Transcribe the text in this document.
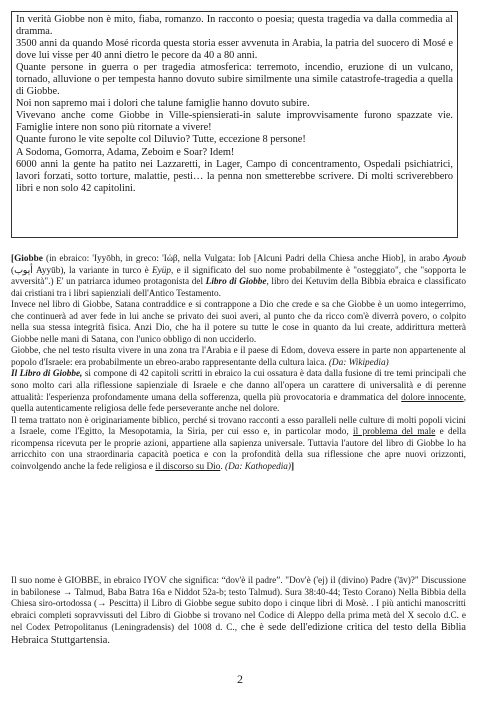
In verità Giobbe non è mito, fiaba, romanzo. In racconto o poesia; questa tragedia va dalla commedia al dramma.

3500 anni da quando Mosé ricorda questa storia esser avvenuta in Arabia, la patria del suocero di Mosé e dove lui visse per 40 anni dietro le pecore da 40 a 80 anni.

Quante persone in guerra o per tragedia atmosferica: terremoto, incendio, eruzione di un vulcano, tornado, alluvione o per tempesta hanno dovuto subire similmente una simile catastrofe-tragedia a quella di Giobbe.

Noi non sapremo mai i dolori che talune famiglie hanno dovuto subire.

Vivevano anche come Giobbe in Ville-spiensierati-in salute improvvisamente furono spazzate vie. Famiglie intere non sono più ritornate a vivere!

Quante furono le vite sepolte col Diluvio? Tutte, eccezione 8 persone!

A Sodoma, Gomorra, Adama, Zeboim e Soar? Idem!

6000 anni la gente ha patito nei Lazzaretti, in Lager, Campo di concentramento, Ospedali psichiatrici, lavori forzati, sotto torture, malattie, pesti… la penna non smetterebbe scrivere. Di molti scriverebbero libri e non solo 42 capitolini.

[Giobbe (in ebraico: 'Iyyōbh, in greco: 'Ιώβ, nella Vulgata: Iob [Alcuni Padri della Chiesa anche Hiob], in arabo Ayoub (أيوب Ayyūb), la variante in turco è Eyüp, e il significato del suo nome probabilmente è "osteggiato", che "sopporta le avversità".) E' un patriarca idumeo protagonista del Libro di Giobbe, libro dei Ketuvim della Bibbia ebraica e classificato dai cristiani tra i libri sapienziali dell'Antico Testamento.

Invece nel libro di Giobbe, Satana contraddice e si contrappone a Dio che crede e sa che Giobbe è un uomo integerrimo, che continuerà ad aver fede in lui anche se privato dei suoi averi, al punto che da ricco com'è diverrà povero, o colpito nella sua stessa integrità fisica. Anzi Dio, che ha il potere su tutte le cose in quanto da lui create, addirittura metterà Giobbe nelle mani di Satana, con l'unico obbligo di non ucciderlo.

Giobbe, che nel testo risulta vivere in una zona tra l'Arabia e il paese di Edom, doveva essere in parte non appartenente al popolo d'Israele: era probabilmente un ebreo-arabo rappresentante della cultura laica. (Da: Wikipedia)

Il Libro di Giobbe, si compone di 42 capitoli scritti in ebraico la cui ossatura è data dalla fusione di tre temi principali che sono molto cari alla riflessione sapienziale di Israele e che danno all'opera un carattere di universalità e di perenne attualità: l'esperienza profondamente umana della sofferenza, quella più provocatoria e drammatica del dolore innocente, quella autenticamente religiosa delle fede perseverante anche nel dolore.

Il tema trattato non è originariamente biblico, perché si trovano racconti a esso paralleli nelle culture di molti popoli vicini a Israele, come l'Egitto, la Mesopotamia, la Siria, per cui esso e, in particolar modo, il problema del male e della ricompensa ricevuta per le proprie azioni, appartiene alla sapienza universale. Tuttavia l'autore del libro di Giobbe lo ha arricchito con una straordinaria capacità poetica e con la profondità della sua riflessione che apre nuovi orizzonti, coinvolgendo anche la fede religiosa e il discorso su Dio. (Da: Kathopedia)]

Il suo nome è GIOBBE, in ebraico IYOV che significa: “dov'è il padre”. "Dov'è ('ej) il (divino) Padre ('āv)?" Discussione in babilonese → Talmud, Baba Batra 16a e Niddot 52a-b; testo Talmud). Sura 38:40-44; Testo Corano) Nella Bibbia della Chiesa siro-ortodossa (→ Pescitta) il Libro di Giobbe segue subito dopo i cinque libri di Mosè. . I più antichi manoscritti ebraici completi sopravvissuti del Libro di Giobbe si trovano nel Codice di Aleppo della prima metà del X secolo d.C. e nel Codex Petropolitanus (Leningradensis) del 1008 d. C., che è sede dell'edizione critica del testo della Biblia Hebraica Stuttgartensia.

2
